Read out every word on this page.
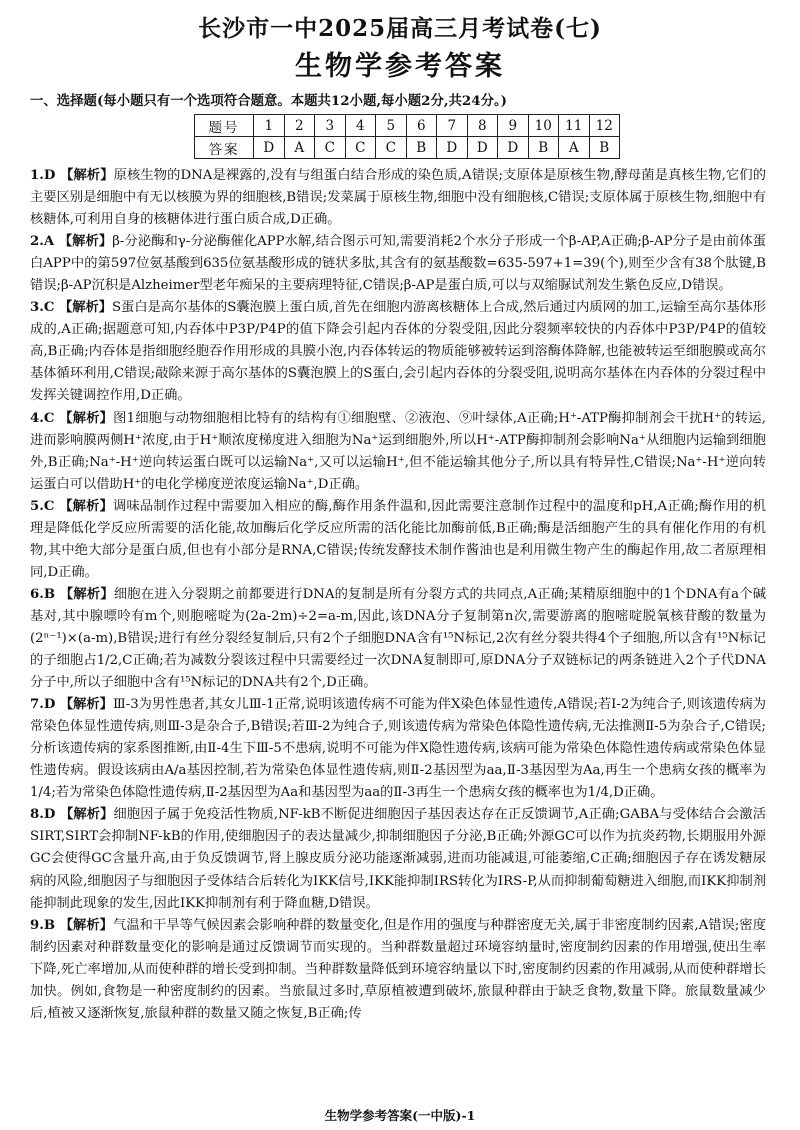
长沙市一中2025届高三月考试卷(七)
生物学参考答案
一、选择题(每小题只有一个选项符合题意。本题共12小题,每小题2分,共24分。)
题号	1	2	3	4	5	6	7	8	9	10	11	12
答案	D	A	C	C	C	B	D	D	D	B	A	B

1.D 【解析】原核生物的DNA是裸露的,没有与组蛋白结合形成的染色质,A错误;支原体是原核生物,酵母菌是真核生物,它们的主要区别是细胞中有无以核膜为界的细胞核,B错误;发菜属于原核生物,细胞中没有细胞核,C错误;支原体属于原核生物,细胞中有核糖体,可利用自身的核糖体进行蛋白质合成,D正确。

2.A 【解析】β-分泌酶和γ-分泌酶催化APP水解,结合图示可知,需要消耗2个水分子形成一个β-AP,A正确;β-AP分子是由前体蛋白APP中的第597位氨基酸到635位氨基酸形成的链状多肽,其含有的氨基酸数=635-597+1=39(个),则至少含有38个肽键,B错误;β-AP沉积是Alzheimer型老年痴呆的主要病理特征,C错误;β-AP是蛋白质,可以与双缩脲试剂发生紫色反应,D错误。

3.C 【解析】S蛋白是高尔基体的S囊泡膜上蛋白质,首先在细胞内游离核糖体上合成,然后通过内质网的加工,运输至高尔基体形成的,A正确;据题意可知,内吞体中P3P/P4P的值下降会引起内吞体的分裂受阻,因此分裂频率较快的内吞体中P3P/P4P的值较高,B正确;内吞体是指细胞经胞吞作用形成的具膜小泡,内吞体转运的物质能够被转运到溶酶体降解,也能被转运至细胞膜或高尔基体循环利用,C错误;敲除来源于高尔基体的S囊泡膜上的S蛋白,会引起内吞体的分裂受阻,说明高尔基体在内吞体的分裂过程中发挥关键调控作用,D正确。

4.C 【解析】图1细胞与动物细胞相比特有的结构有①细胞壁、②液泡、⑨叶绿体,A正确;H⁺-ATP酶抑制剂会干扰H⁺的转运,进而影响膜两侧H⁺浓度,由于H⁺顺浓度梯度进入细胞为Na⁺运到细胞外,所以H⁺-ATP酶抑制剂会影响Na⁺从细胞内运输到细胞外,B正确;Na⁺-H⁺逆向转运蛋白既可以运输Na⁺,又可以运输H⁺,但不能运输其他分子,所以具有特异性,C错误;Na⁺-H⁺逆向转运蛋白可以借助H⁺的电化学梯度逆浓度运输Na⁺,D正确。

5.C 【解析】调味品制作过程中需要加入相应的酶,酶作用条件温和,因此需要注意制作过程中的温度和pH,A正确;酶作用的机理是降低化学反应所需要的活化能,故加酶后化学反应所需的活化能比加酶前低,B正确;酶是活细胞产生的具有催化作用的有机物,其中绝大部分是蛋白质,但也有小部分是RNA,C错误;传统发酵技术制作酱油也是利用微生物产生的酶起作用,故二者原理相同,D正确。

6.B 【解析】细胞在进入分裂期之前都要进行DNA的复制是所有分裂方式的共同点,A正确;某精原细胞中的1个DNA有a个碱基对,其中腺嘌呤有m个,则胞嘧啶为(2a-2m)÷2=a-m,因此,该DNA分子复制第n次,需要游离的胞嘧啶脱氧核苷酸的数量为(2ⁿ⁻¹)×(a-m),B错误;进行有丝分裂经复制后,只有2个子细胞DNA含有¹⁵N标记,2次有丝分裂共得4个子细胞,所以含有¹⁵N标记的子细胞占1/2,C正确;若为减数分裂该过程中只需要经过一次DNA复制即可,原DNA分子双链标记的两条链进入2个子代DNA分子中,所以子细胞中含有¹⁵N标记的DNA共有2个,D正确。

7.D 【解析】Ⅲ-3为男性患者,其女儿Ⅲ-1正常,说明该遗传病不可能为伴X染色体显性遗传,A错误;若Ⅰ-2为纯合子,则该遗传病为常染色体显性遗传病,则Ⅲ-3是杂合子,B错误;若Ⅲ-2为纯合子,则该遗传病为常染色体隐性遗传病,无法推测Ⅱ-5为杂合子,C错误;分析该遗传病的家系图推断,由Ⅱ-4生下Ⅲ-5不患病,说明不可能为伴X隐性遗传病,该病可能为常染色体隐性遗传病或常染色体显性遗传病。假设该病由A/a基因控制,若为常染色体显性遗传病,则Ⅱ-2基因型为aa,Ⅱ-3基因型为Aa,再生一个患病女孩的概率为1/4;若为常染色体隐性遗传病,Ⅱ-2基因型为Aa和基因型为aa的Ⅱ-3再生一个患病女孩的概率也为1/4,D正确。

8.D 【解析】细胞因子属于免疫活性物质,NF-kB不断促进细胞因子基因表达存在正反馈调节,A正确;GABA与受体结合会激活SIRT,SIRT会抑制NF-kB的作用,使细胞因子的表达量减少,抑制细胞因子分泌,B正确;外源GC可以作为抗炎药物,长期服用外源GC会使得GC含量升高,由于负反馈调节,肾上腺皮质分泌功能逐渐减弱,进而功能减退,可能萎缩,C正确;细胞因子存在诱发糖尿病的风险,细胞因子与细胞因子受体结合后转化为IKK信号,IKK能抑制IRS转化为IRS-P,从而抑制葡萄糖进入细胞,而IKK抑制剂能抑制此现象的发生,因此IKK抑制剂有利于降血糖,D错误。

9.B 【解析】气温和干旱等气候因素会影响种群的数量变化,但是作用的强度与种群密度无关,属于非密度制约因素,A错误;密度制约因素对种群数量变化的影响是通过反馈调节而实现的。当种群数量超过环境容纳量时,密度制约因素的作用增强,使出生率下降,死亡率增加,从而使种群的增长受到抑制。当种群数量降低到环境容纳量以下时,密度制约因素的作用减弱,从而使种群增长加快。例如,食物是一种密度制约的因素。当旅鼠过多时,草原植被遭到破坏,旅鼠种群由于缺乏食物,数量下降。旅鼠数量减少后,植被又逐渐恢复,旅鼠种群的数量又随之恢复,B正确;传

生物学参考答案(一中版)-1
